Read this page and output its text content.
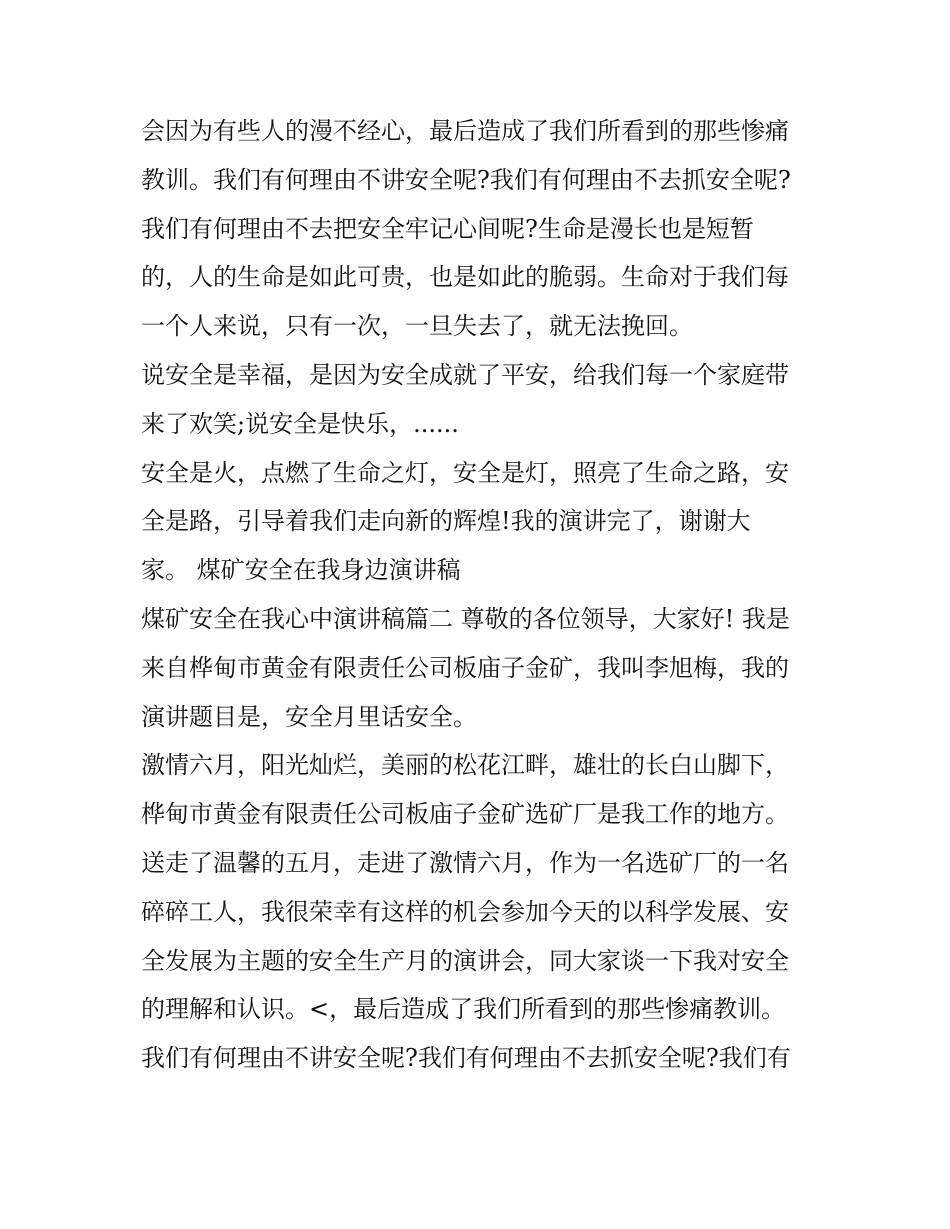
会因为有些人的漫不经心，最后造成了我们所看到的那些惨痛
教训。我们有何理由不讲安全呢?我们有何理由不去抓安全呢?
我们有何理由不去把安全牢记心间呢?生命是漫长也是短暂
的，人的生命是如此可贵，也是如此的脆弱。生命对于我们每
一个人来说，只有一次，一旦失去了，就无法挽回。
说安全是幸福，是因为安全成就了平安，给我们每一个家庭带
来了欢笑;说安全是快乐，......
安全是火，点燃了生命之灯，安全是灯，照亮了生命之路，安
全是路，引导着我们走向新的辉煌!我的演讲完了，谢谢大
家。 煤矿安全在我身边演讲稿
煤矿安全在我心中演讲稿篇二 尊敬的各位领导，大家好! 我是
来自桦甸市黄金有限责任公司板庙子金矿，我叫李旭梅，我的
演讲题目是，安全月里话安全。
激情六月，阳光灿烂，美丽的松花江畔，雄壮的长白山脚下，
桦甸市黄金有限责任公司板庙子金矿选矿厂是我工作的地方。
送走了温馨的五月，走进了激情六月，作为一名选矿厂的一名
碎碎工人，我很荣幸有这样的机会参加今天的以科学发展、安
全发展为主题的安全生产月的演讲会，同大家谈一下我对安全
的理解和认识。<，最后造成了我们所看到的那些惨痛教训。
我们有何理由不讲安全呢?我们有何理由不去抓安全呢?我们有
